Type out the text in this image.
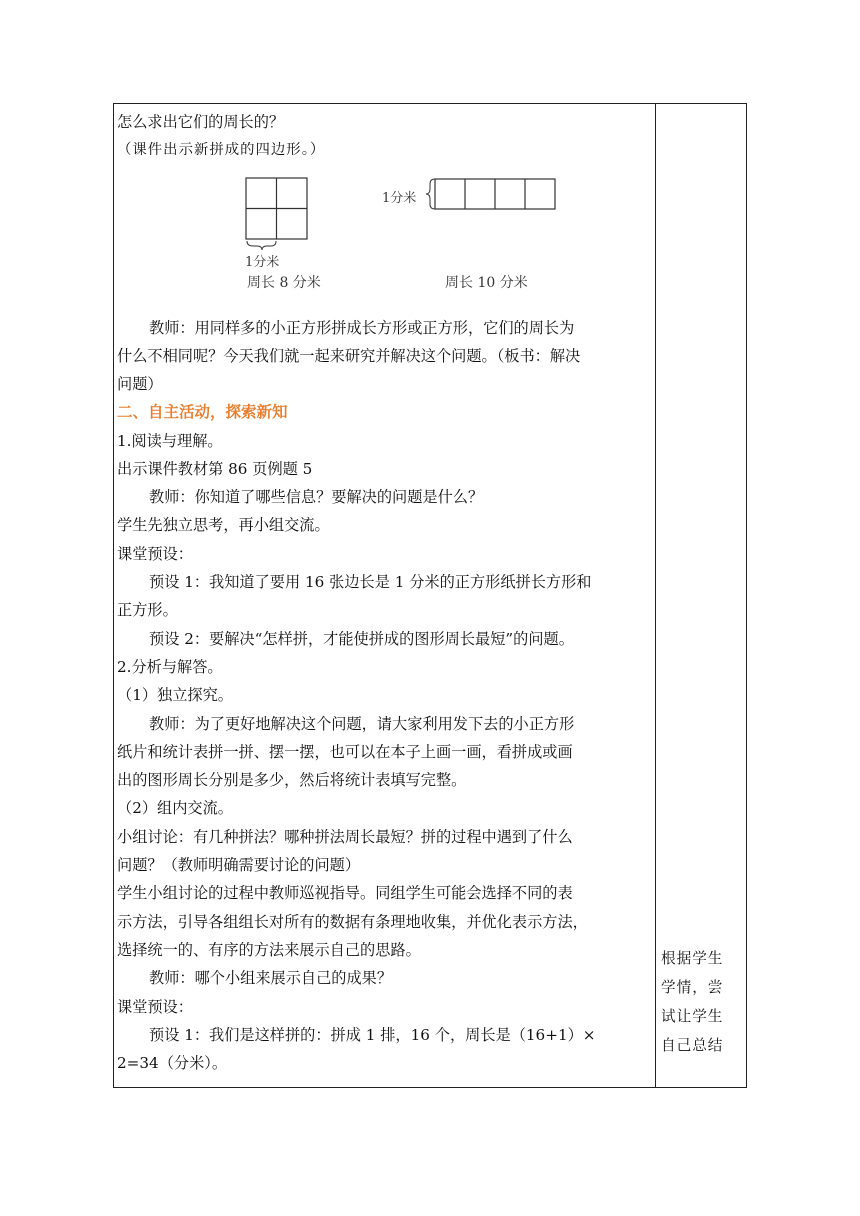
怎么求出它们的周长的？
（课件出示新拼成的四边形。）
1分米
周长 8 分米
1分米
周长 10 分米
教师：用同样多的小正方形拼成长方形或正方形，它们的周长为
什么不相同呢？今天我们就一起来研究并解决这个问题。（板书：解决
问题）
二、自主活动，探索新知
1.阅读与理解。
出示课件教材第 86 页例题 5
教师：你知道了哪些信息？要解决的问题是什么？
学生先独立思考，再小组交流。
课堂预设：
预设 1：我知道了要用 16 张边长是 1 分米的正方形纸拼长方形和
正方形。
预设 2：要解决“怎样拼，才能使拼成的图形周长最短”的问题。
2.分析与解答。
（1）独立探究。
教师：为了更好地解决这个问题，请大家利用发下去的小正方形
纸片和统计表拼一拼、摆一摆，也可以在本子上画一画，看拼成或画
出的图形周长分别是多少，然后将统计表填写完整。
（2）组内交流。
小组讨论：有几种拼法？哪种拼法周长最短？拼的过程中遇到了什么
问题？（教师明确需要讨论的问题）
学生小组讨论的过程中教师巡视指导。同组学生可能会选择不同的表
示方法，引导各组组长对所有的数据有条理地收集，并优化表示方法，
选择统一的、有序的方法来展示自己的思路。
教师：哪个小组来展示自己的成果？
课堂预设：
预设 1：我们是这样拼的：拼成 1 排，16 个，周长是（16+1）×
2=34（分米）。
根据学生
学情，尝
试让学生
自己总结
